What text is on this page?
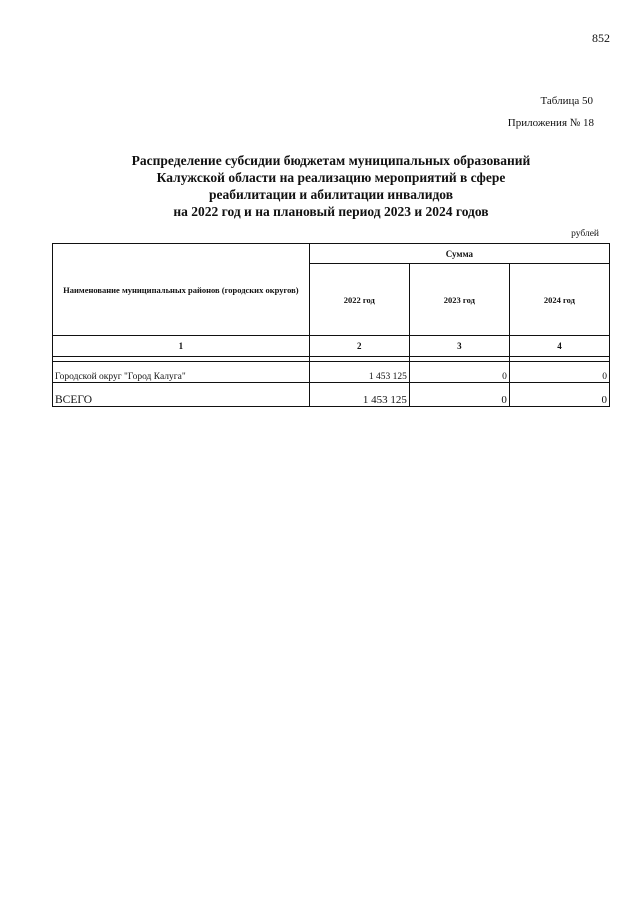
852
Таблица 50
Приложения № 18
Распределение субсидии бюджетам муниципальных образований
Калужской области на реализацию мероприятий в сфере
реабилитации и абилитации инвалидов
на 2022 год и на плановый период 2023 и 2024 годов
рублей
Наименование муниципальных районов (городских округов)	Сумма		
	2022 год	2023 год	2024 год
1	2	3	4

Городской округ "Город Калуга"	1 453 125	0	0
ВСЕГО	1 453 125	0	0
